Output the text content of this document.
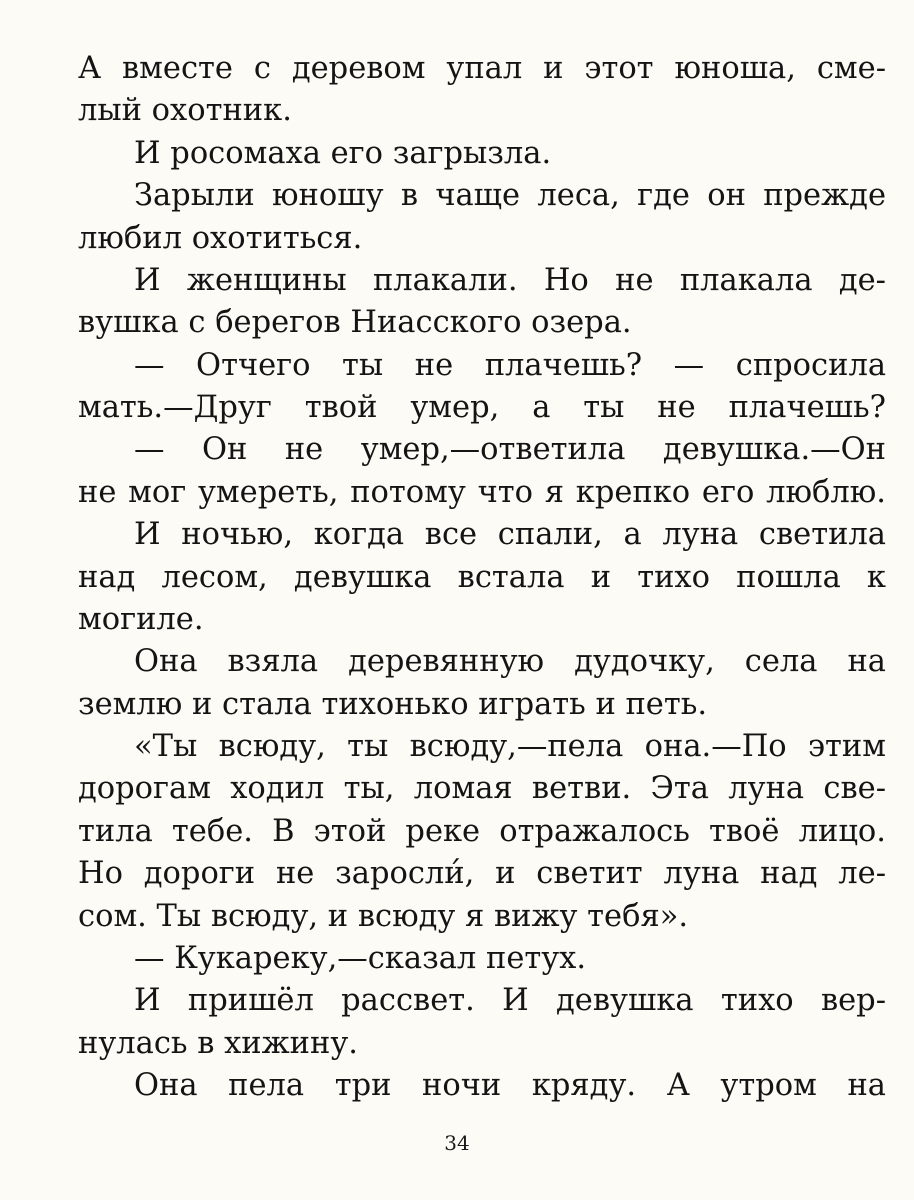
А вместе с деревом упал и этот юноша, сме-
лый охотник.
И росомаха его загрызла.
Зарыли юношу в чаще леса, где он прежде
любил охотиться.
И женщины плакали. Но не плакала де-
вушка с берегов Ниасского озера.
— Отчего ты не плачешь? — спросила
мать.—Друг твой умер, а ты не плачешь?
— Он не умер,—ответила девушка.—Он
не мог умереть, потому что я крепко его люблю.
И ночью, когда все спали, а луна светила
над лесом, девушка встала и тихо пошла к
могиле.
Она взяла деревянную дудочку, села на
землю и стала тихонько играть и петь.
«Ты всюду, ты всюду,—пела она.—По этим
дорогам ходил ты, ломая ветви. Эта луна све-
тила тебе. В этой реке отражалось твоё лицо.
Но дороги не заросли́, и светит луна над ле-
сом. Ты всюду, и всюду я вижу тебя».
— Кукареку,—сказал петух.
И пришёл рассвет. И девушка тихо вер-
нулась в хижину.
Она пела три ночи кряду. А утром на
34
